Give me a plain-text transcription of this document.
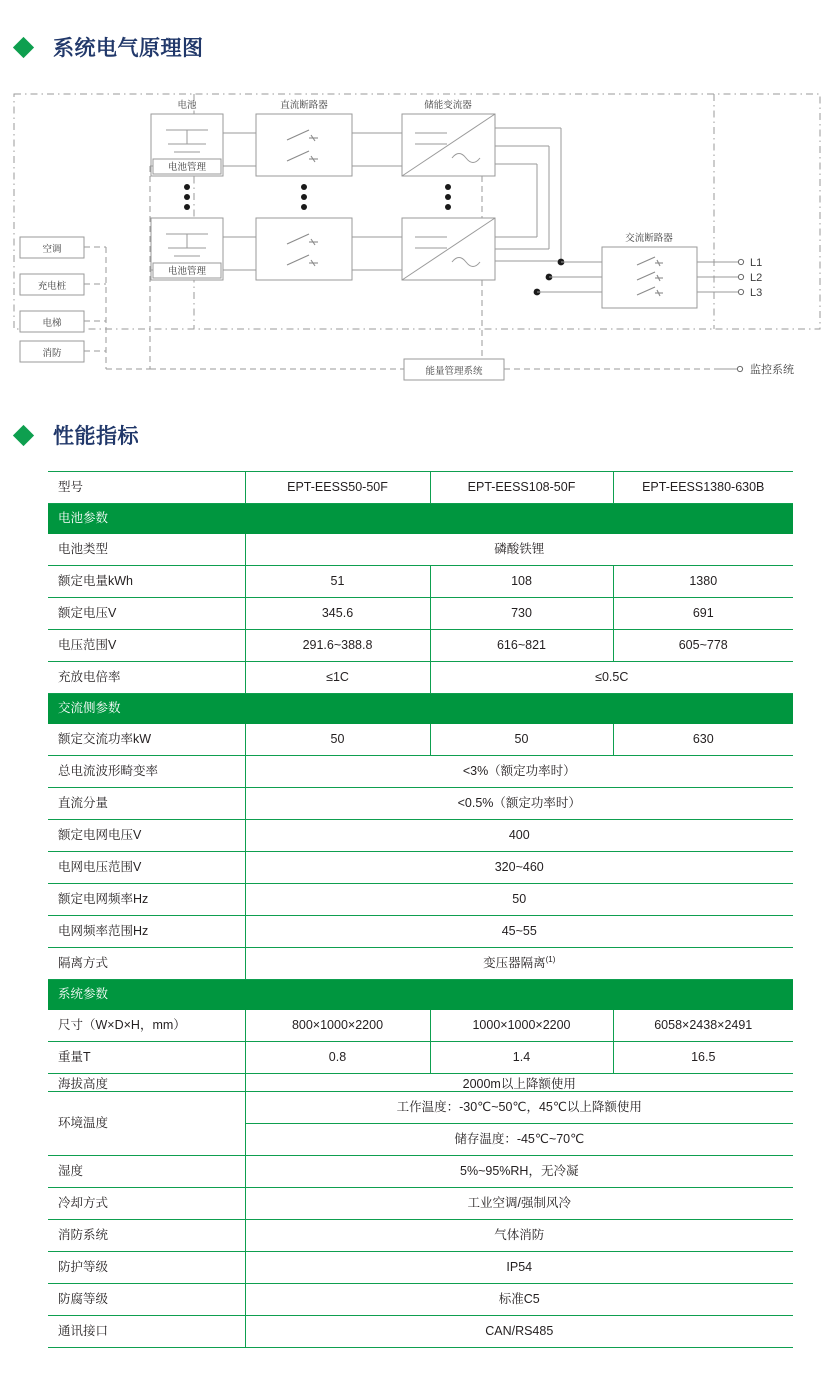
系统电气原理图
空调
充电桩
电梯
消防
电池
电池管理
电池管理
直流断路器	储能变流器
交流断路器
L1
L2
L3
能量管理系统	监控系统
性能指标
型号	EPT-EESS50-50F	EPT-EESS108-50F	EPT-EESS1380-630B
电池参数			
电池类型	磷酸铁锂		
额定电量kWh	51	108	1380
额定电压V	345.6	730	691
电压范围V	291.6~388.8	616~821	605~778
充放电倍率	≤1C	≤0.5C	
交流侧参数			
额定交流功率kW	50	50	630
总电流波形畸变率	<3%（额定功率时）		
直流分量	<0.5%（额定功率时）		
额定电网电压V	400		
电网电压范围V	320~460		
额定电网频率Hz	50		
电网频率范围Hz	45~55		
隔离方式	变压器隔离$^{(1)}$
系统参数			
尺寸（W×D×H，mm）	800×1000×2200	1000×1000×2200	6058×2438×2491
重量T	0.8	1.4	16.5

海拔高度	2000m以上降额使用		

环境温度	工作温度：-30℃~50℃，45℃以上降额使用		
	储存温度：-45℃~70℃		
湿度	5%~95%RH，无冷凝		
冷却方式	工业空调/强制风冷		
消防系统	气体消防		
防护等级	IP54		
防腐等级	标准C5		
通讯接口	CAN/RS485		
